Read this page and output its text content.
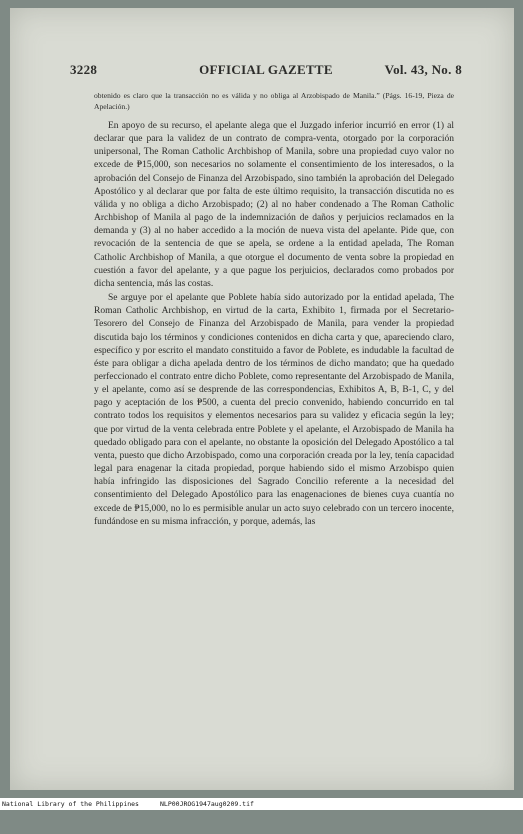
3228	OFFICIAL GAZETTE	Vol. 43, No. 8

obtenido es claro que la transacción no es válida y no obliga al Arzobispado de Manila.” (Págs. 16-19, Pieza de Apelación.)

En apoyo de su recurso, el apelante alega que el Juzgado inferior incurrió en error (1) al declarar que para la validez de un contrato de compra-venta, otorgado por la corporación unipersonal, The Roman Catholic Archbishop of Manila, sobre una propiedad cuyo valor no excede de ₱15,000, son necesarios no solamente el consentimiento de los interesados, o la aprobación del Consejo de Finanza del Arzobispado, sino también la aprobación del Delegado Apostólico y al declarar que por falta de este último requisito, la transacción discutida no es válida y no obliga a dicho Arzobispado; (2) al no haber condenado a The Roman Catholic Archbishop of Manila al pago de la indemnización de daños y perjuicios reclamados en la demanda y (3) al no haber accedido a la moción de nueva vista del apelante. Pide que, con revocación de la sentencia de que se apela, se ordene a la entidad apelada, The Roman Catholic Archbishop of Manila, a que otorgue el documento de venta sobre la propiedad en cuestión a favor del apelante, y a que pague los perjuicios, declarados como probados por dicha sentencia, más las costas.

Se arguye por el apelante que Poblete había sido autorizado por la entidad apelada, The Roman Catholic Archbishop, en virtud de la carta, Exhibito 1, firmada por el Secretario-Tesorero del Consejo de Finanza del Arzobispado de Manila, para vender la propiedad discutida bajo los términos y condiciones contenidos en dicha carta y que, apareciendo claro, específico y por escrito el mandato constituido a favor de Poblete, es indudable la facultad de éste para obligar a dicha apelada dentro de los términos de dicho mandato; que ha quedado perfeccionado el contrato entre dicho Poblete, como representante del Arzobispado de Manila, y el apelante, como así se desprende de las correspondencias, Exhibitos A, B, B-1, C, y del pago y aceptación de los ₱500, a cuenta del precio convenido, habiendo concurrido en tal contrato todos los requisitos y elementos necesarios para su validez y eficacia según la ley; que por virtud de la venta celebrada entre Poblete y el apelante, el Arzobispado de Manila ha quedado obligado para con el apelante, no obstante la oposición del Delegado Apostólico a tal venta, puesto que dicho Arzobispado, como una corporación creada por la ley, tenía capacidad legal para enagenar la citada propiedad, porque habiendo sido el mismo Arzobispo quien había infringido las disposiciones del Sagrado Concilio referente a la necesidad del consentimiento del Delegado Apostólico para las enagenaciones de bienes cuya cuantía no excede de ₱15,000, no lo es permisible anular un acto suyo celebrado con un tercero inocente, fundándose en su misma infracción, y porque, además, las

National Library of the Philippines

	NLP00JROG1947aug0209.tif
